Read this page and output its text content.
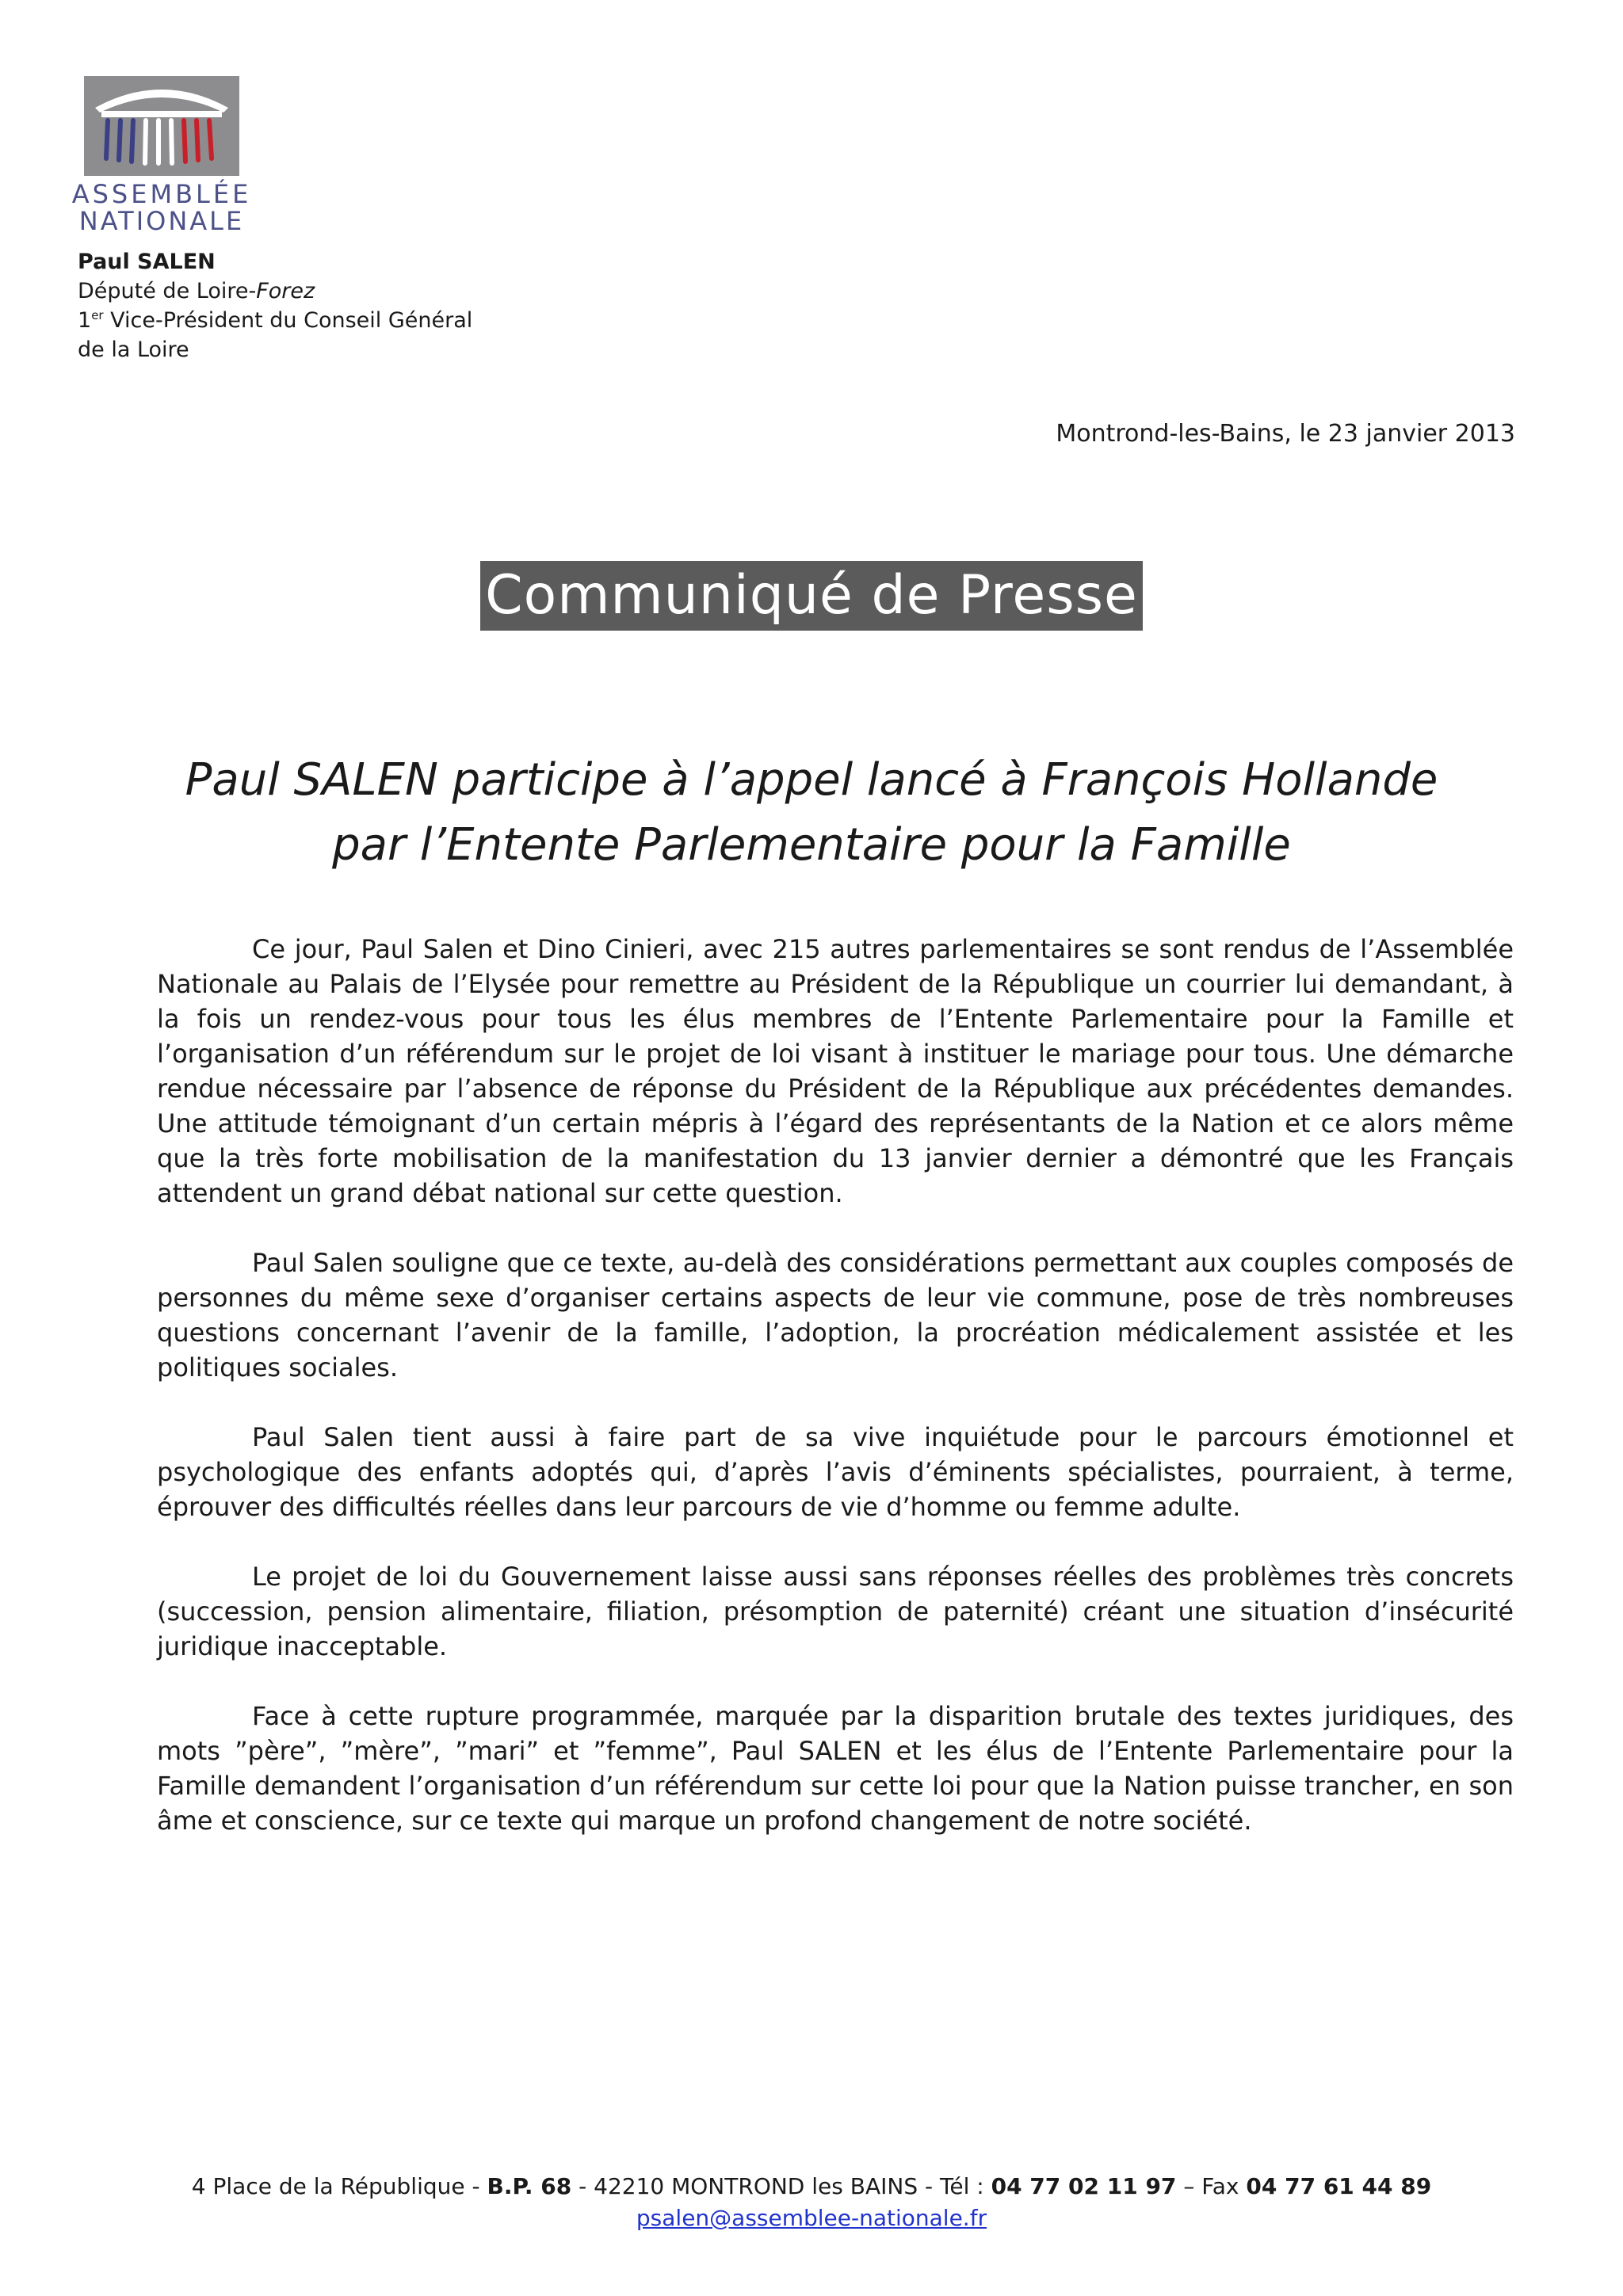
ASSEMBLÉE
NATIONALE
Paul SALEN
Député de Loire-Forez
1er Vice-Président du Conseil Général
de la Loire
Montrond-les-Bains, le 23 janvier 2013
Communiqué de Presse
Paul SALEN participe à l’appel lancé à François Hollande
par l’Entente Parlementaire pour la Famille

Ce jour, Paul Salen et Dino Cinieri, avec 215 autres parlementaires se sont rendus de l’Assemblée Nationale au Palais de l’Elysée pour remettre au Président de la République un courrier lui demandant, à la fois un rendez-vous pour tous les élus membres de l’Entente Parlementaire pour la Famille et l’organisation d’un référendum sur le projet de loi visant à instituer le mariage pour tous. Une démarche rendue nécessaire par l’absence de réponse du Président de la République aux précédentes demandes. Une attitude témoignant d’un certain mépris à l’égard des représentants de la Nation et ce alors même que la très forte mobilisation de la manifestation du 13 janvier dernier a démontré que les Français attendent un grand débat national sur cette question.

Paul Salen souligne que ce texte, au-delà des considérations permettant aux couples composés de personnes du même sexe d’organiser certains aspects de leur vie commune, pose de très nombreuses questions concernant l’avenir de la famille, l’adoption, la procréation médicalement assistée et les politiques sociales.

Paul Salen tient aussi à faire part de sa vive inquiétude pour le parcours émotionnel et psychologique des enfants adoptés qui, d’après l’avis d’éminents spécialistes, pourraient, à terme, éprouver des difficultés réelles dans leur parcours de vie d’homme ou femme adulte.

Le projet de loi du Gouvernement laisse aussi sans réponses réelles des problèmes très concrets (succession, pension alimentaire, filiation, présomption de paternité) créant une situation d’insécurité juridique inacceptable.

Face à cette rupture programmée, marquée par la disparition brutale des textes juridiques, des mots ”père”, ”mère”, ”mari” et ”femme”, Paul SALEN et les élus de l’Entente Parlementaire pour la Famille demandent l’organisation d’un référendum sur cette loi pour que la Nation puisse trancher, en son âme et conscience, sur ce texte qui marque un profond changement de notre société.

4 Place de la République - B.P. 68 - 42210 MONTROND les BAINS - Tél : 04 77 02 11 97 – Fax 04 77 61 44 89
psalen@assemblee-nationale.fr
